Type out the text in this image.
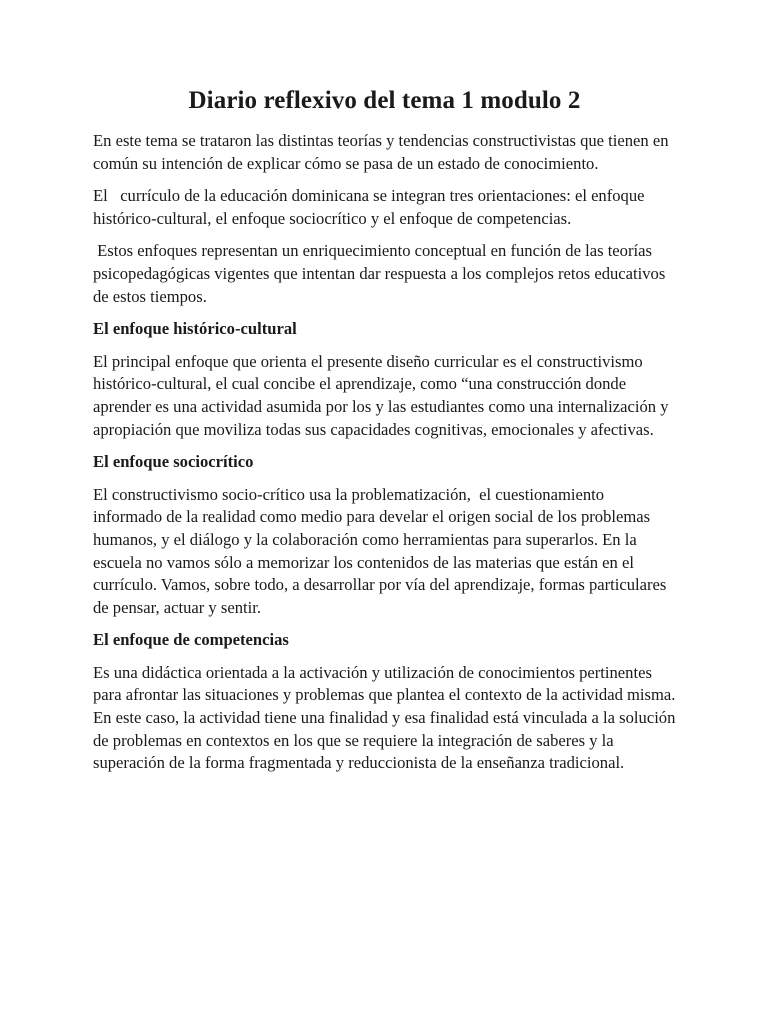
Diario reflexivo del tema 1 modulo 2

En este tema se trataron las distintas teorías y tendencias constructivistas que tienen en común su intención de explicar cómo se pasa de un estado de conocimiento.

El   currículo de la educación dominicana se integran tres orientaciones: el enfoque histórico-cultural, el enfoque sociocrítico y el enfoque de competencias.

Estos enfoques representan un enriquecimiento conceptual en función de las teorías psicopedagógicas vigentes que intentan dar respuesta a los complejos retos educativos de estos tiempos.

El enfoque histórico-cultural

El principal enfoque que orienta el presente diseño curricular es el constructivismo histórico-cultural, el cual concibe el aprendizaje, como “una construcción donde aprender es una actividad asumida por los y las estudiantes como una internalización y apropiación que moviliza todas sus capacidades cognitivas, emocionales y afectivas.

El enfoque sociocrítico

El constructivismo socio-crítico usa la problematización,  el cuestionamiento informado de la realidad como medio para develar el origen social de los problemas humanos, y el diálogo y la colaboración como herramientas para superarlos. En la escuela no vamos sólo a memorizar los contenidos de las materias que están en el currículo. Vamos, sobre todo, a desarrollar por vía del aprendizaje, formas particulares de pensar, actuar y sentir.

El enfoque de competencias

Es una didáctica orientada a la activación y utilización de conocimientos pertinentes para afrontar las situaciones y problemas que plantea el contexto de la actividad misma. En este caso, la actividad tiene una finalidad y esa finalidad está vinculada a la solución de problemas en contextos en los que se requiere la integración de saberes y la superación de la forma fragmentada y reduccionista de la enseñanza tradicional.
